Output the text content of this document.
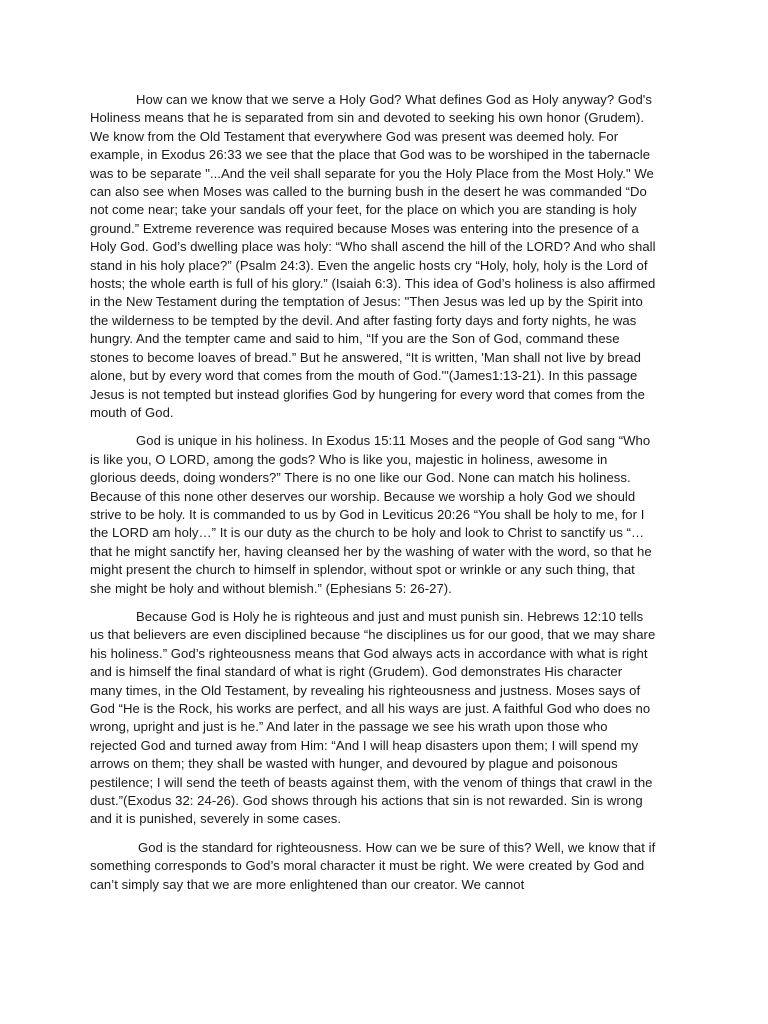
How can we know that we serve a Holy God? What defines God as Holy anyway? God's Holiness means that he is separated from sin and devoted to seeking his own honor (Grudem). We know from the Old Testament that everywhere God was present was deemed holy. For example, in Exodus 26:33 we see that the place that God was to be worshiped in the tabernacle was to be separate "...And the veil shall separate for you the Holy Place from the Most Holy." We can also see when Moses was called to the burning bush in the desert he was commanded “Do not come near; take your sandals off your feet, for the place on which you are standing is holy ground.” Extreme reverence was required because Moses was entering into the presence of a Holy God. God’s dwelling place was holy: “Who shall ascend the hill of the LORD? And who shall stand in his holy place?” (Psalm 24:3). Even the angelic hosts cry “Holy, holy, holy is the Lord of hosts; the whole earth is full of his glory.” (Isaiah 6:3). This idea of God’s holiness is also affirmed in the New Testament during the temptation of Jesus: "Then Jesus was led up by the Spirit into the wilderness to be tempted by the devil. And after fasting forty days and forty nights, he was hungry. And the tempter came and said to him, “If you are the Son of God, command these stones to become loaves of bread.” But he answered, “It is written, 'Man shall not live by bread alone, but by every word that comes from the mouth of God.'"(James1:13-21). In this passage Jesus is not tempted but instead glorifies God by hungering for every word that comes from the mouth of God.

God is unique in his holiness. In Exodus 15:11 Moses and the people of God sang “Who is like you, O LORD, among the gods? Who is like you, majestic in holiness, awesome in glorious deeds, doing wonders?” There is no one like our God. None can match his holiness. Because of this none other deserves our worship. Because we worship a holy God we should strive to be holy. It is commanded to us by God in Leviticus 20:26 “You shall be holy to me, for I the LORD am holy…” It is our duty as the church to be holy and look to Christ to sanctify us “…that he might sanctify her, having cleansed her by the washing of water with the word, so that he might present the church to himself in splendor, without spot or wrinkle or any such thing, that she might be holy and without blemish.” (Ephesians 5: 26-27).

Because God is Holy he is righteous and just and must punish sin. Hebrews 12:10 tells us that believers are even disciplined because “he disciplines us for our good, that we may share his holiness.” God’s righteousness means that God always acts in accordance with what is right and is himself the final standard of what is right (Grudem). God demonstrates His character many times, in the Old Testament, by revealing his righteousness and justness. Moses says of God “He is the Rock, his works are perfect, and all his ways are just. A faithful God who does no wrong, upright and just is he.” And later in the passage we see his wrath upon those who rejected God and turned away from Him: “And I will heap disasters upon them; I will spend my arrows on them; they shall be wasted with hunger, and devoured by plague and poisonous pestilence; I will send the teeth of beasts against them, with the venom of things that crawl in the dust.”(Exodus 32: 24-26). God shows through his actions that sin is not rewarded. Sin is wrong and it is punished, severely in some cases.

God is the standard for righteousness. How can we be sure of this? Well, we know that if something corresponds to God’s moral character it must be right. We were created by God and can’t simply say that we are more enlightened than our creator. We cannot
